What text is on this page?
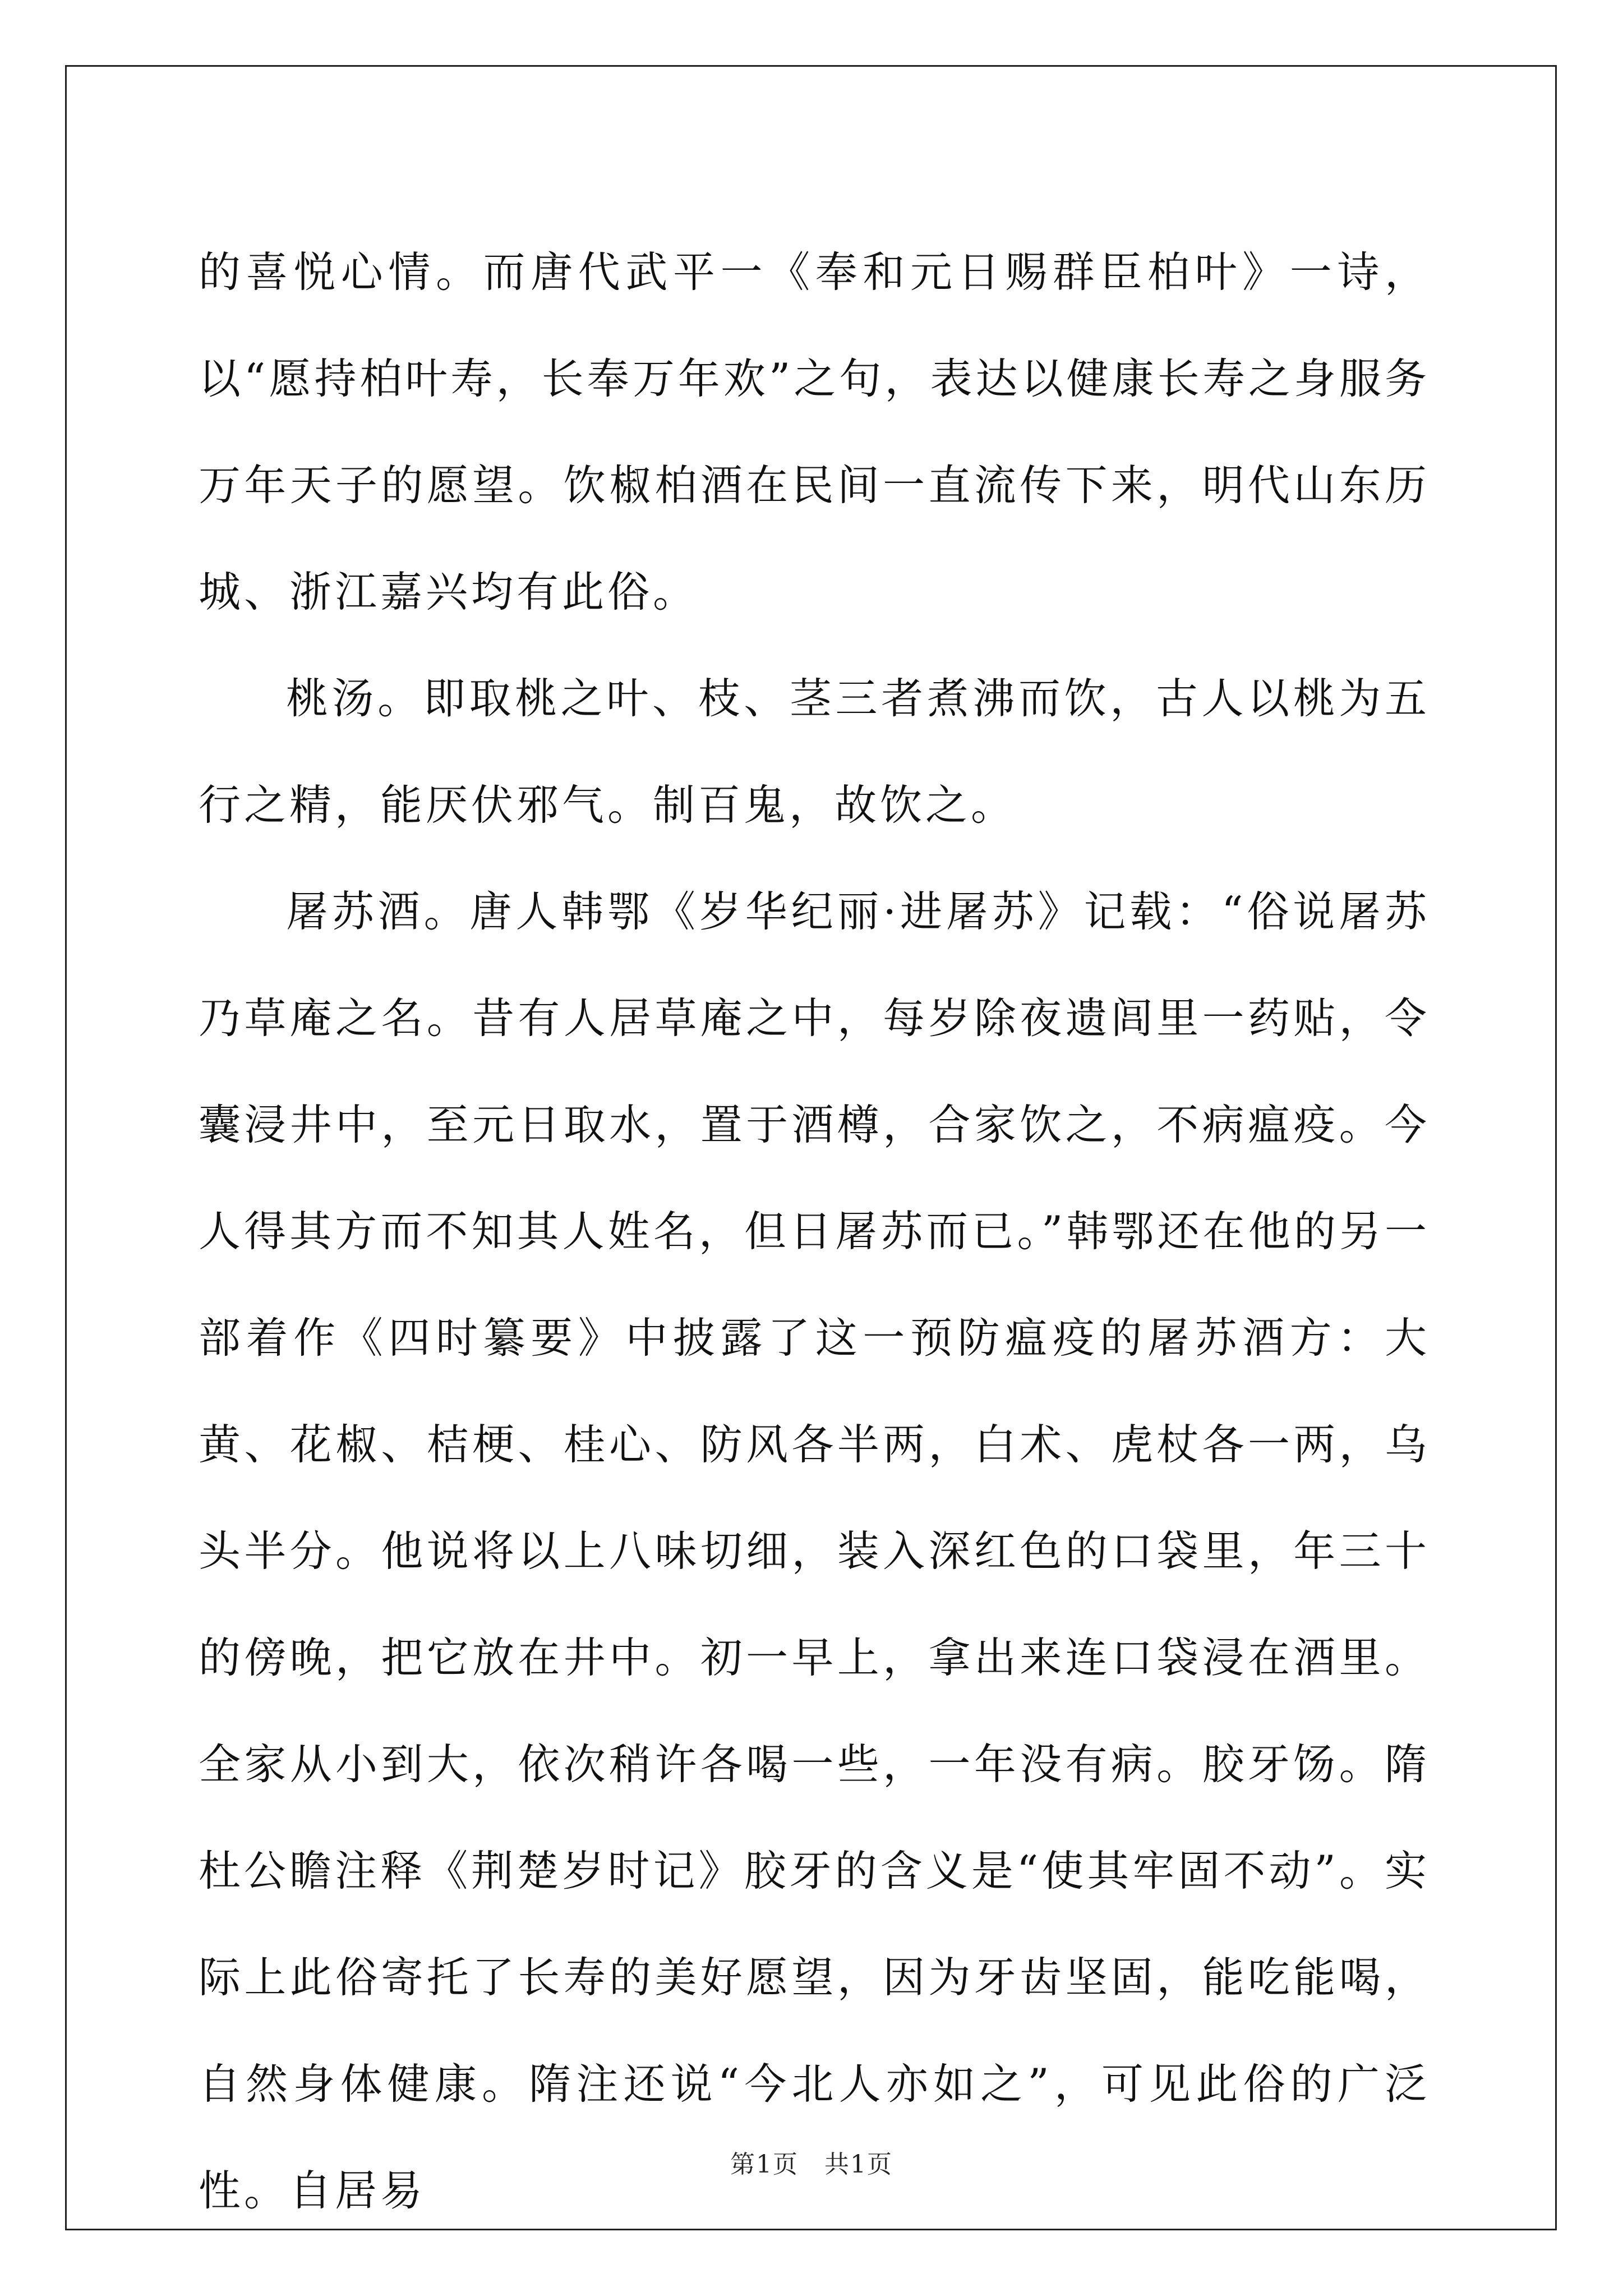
的喜悦心情。而唐代武平一《奉和元日赐群臣柏叶》一诗，以“愿持柏叶寿，长奉万年欢”之句，表达以健康长寿之身服务万年天子的愿望。饮椒柏酒在民间一直流传下来，明代山东历城、浙江嘉兴均有此俗。

桃汤。即取桃之叶、枝、茎三者煮沸而饮，古人以桃为五行之精，能厌伏邪气。制百鬼，故饮之。

屠苏酒。唐人韩鄂《岁华纪丽·进屠苏》记载：“俗说屠苏乃草庵之名。昔有人居草庵之中，每岁除夜遗闾里一药贴，令囊浸井中，至元日取水，置于酒樽，合家饮之，不病瘟疫。今人得其方而不知其人姓名，但日屠苏而已。”韩鄂还在他的另一部着作《四时纂要》中披露了这一预防瘟疫的屠苏酒方：大黄、花椒、桔梗、桂心、防风各半两，白术、虎杖各一两，乌头半分。他说将以上八味切细，装入深红色的口袋里，年三十的傍晚，把它放在井中。初一早上，拿出来连口袋浸在酒里。全家从小到大，依次稍许各喝一些，一年没有病。胶牙饧。隋杜公瞻注释《荆楚岁时记》胶牙的含义是“使其牢固不动”。实际上此俗寄托了长寿的美好愿望，因为牙齿坚固，能吃能喝，自然身体健康。隋注还说“今北人亦如之”，可见此俗的广泛性。自居易

第1页　共1页
